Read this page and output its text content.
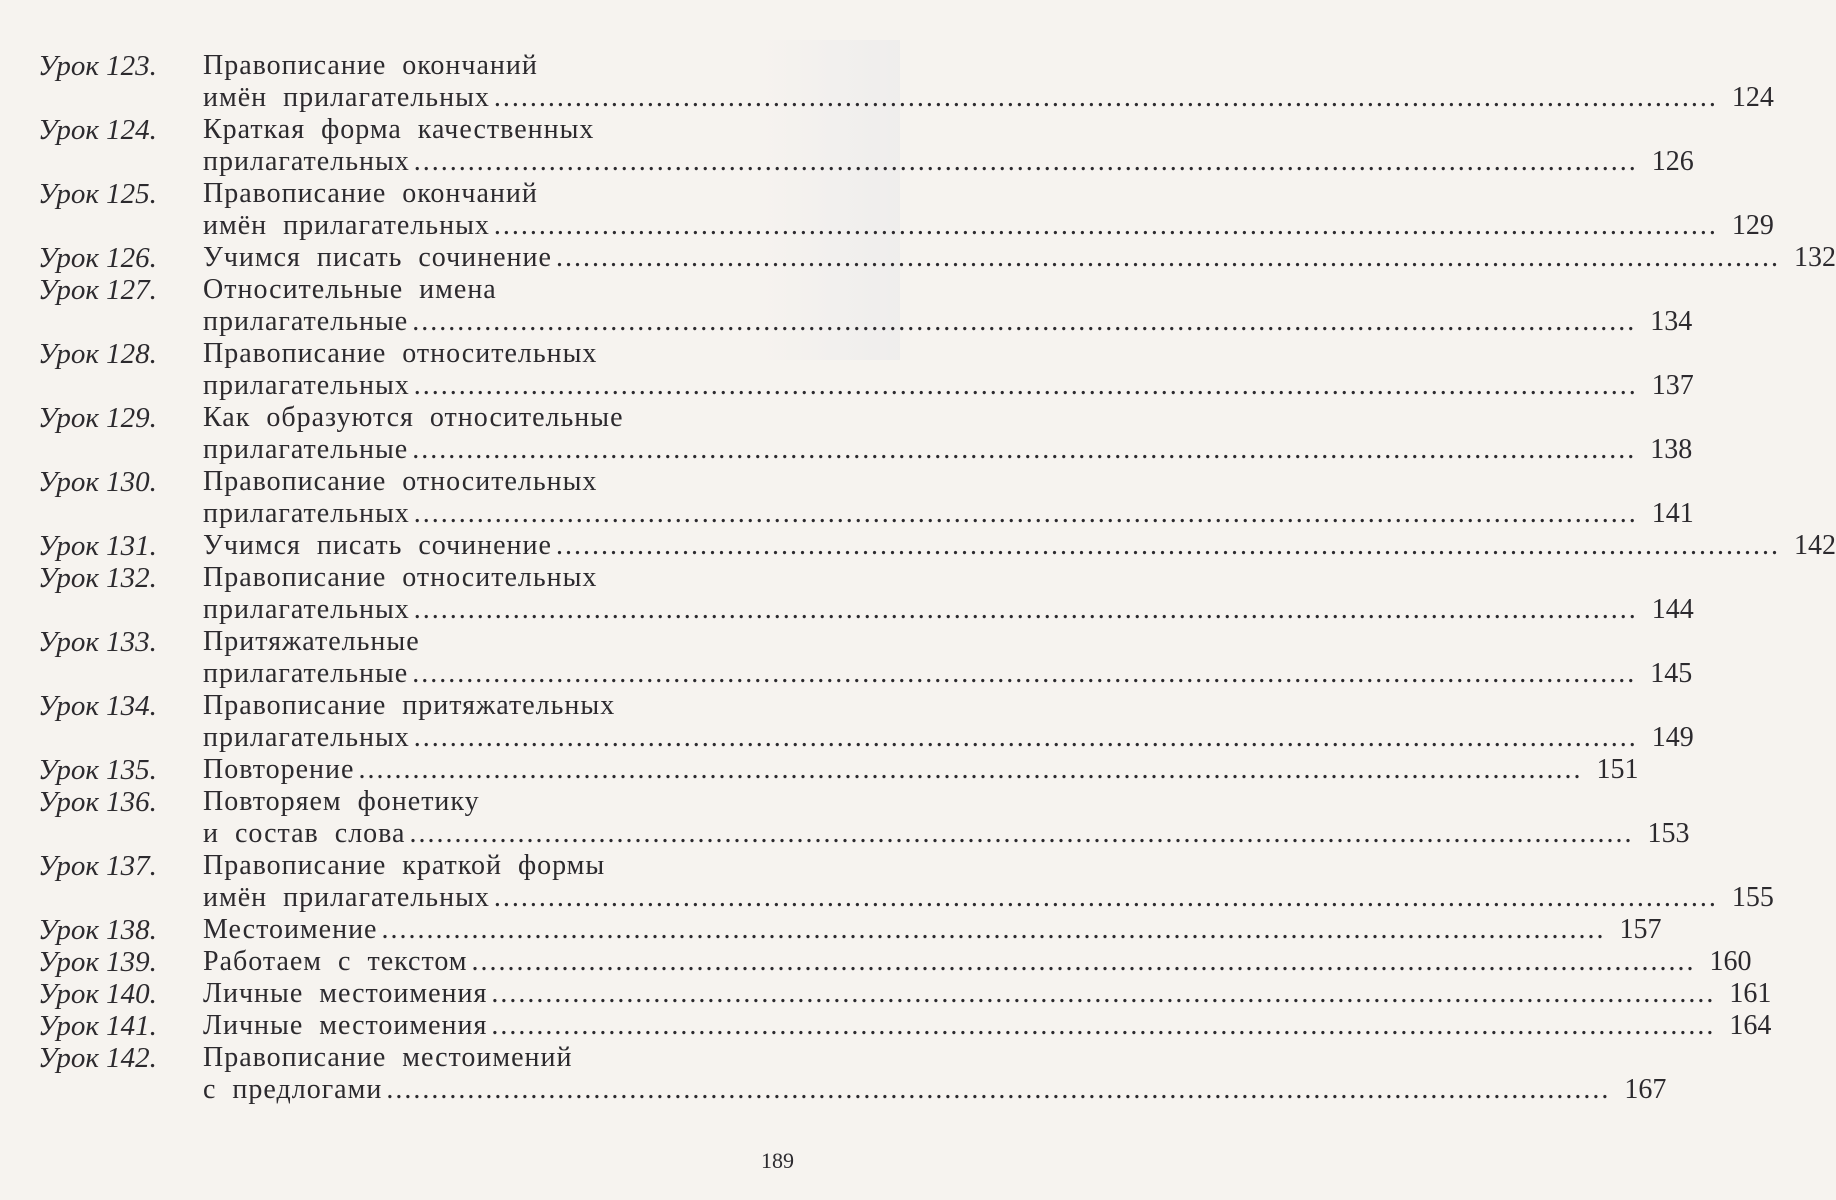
Урок 123.	Правописание окончаний
имён прилагательных .....	124
Урок 124.	Краткая форма качественных
прилагательных .....	126
Урок 125.	Правописание окончаний
имён прилагательных .....	129
Урок 126.	Учимся писать сочинение .....	132
Урок 127.	Относительные имена
прилагательные .....	134
Урок 128.	Правописание относительных
прилагательных .....	137
Урок 129.	Как образуются относительные
прилагательные .....	138
Урок 130.	Правописание относительных
прилагательных .....	141
Урок 131.	Учимся писать сочинение .....	142
Урок 132.	Правописание относительных
прилагательных .....	144
Урок 133.	Притяжательные
прилагательные .....	145
Урок 134.	Правописание притяжательных
прилагательных .....	149
Урок 135.	Повторение .....	151
Урок 136.	Повторяем фонетику
и состав слова .....	153
Урок 137.	Правописание краткой формы
имён прилагательных .....	155
Урок 138.	Местоимение .....	157
Урок 139.	Работаем с текстом .....	160
Урок 140.	Личные местоимения .....	161
Урок 141.	Личные местоимения .....	164
Урок 142.	Правописание местоимений
с предлогами .....	167
189
